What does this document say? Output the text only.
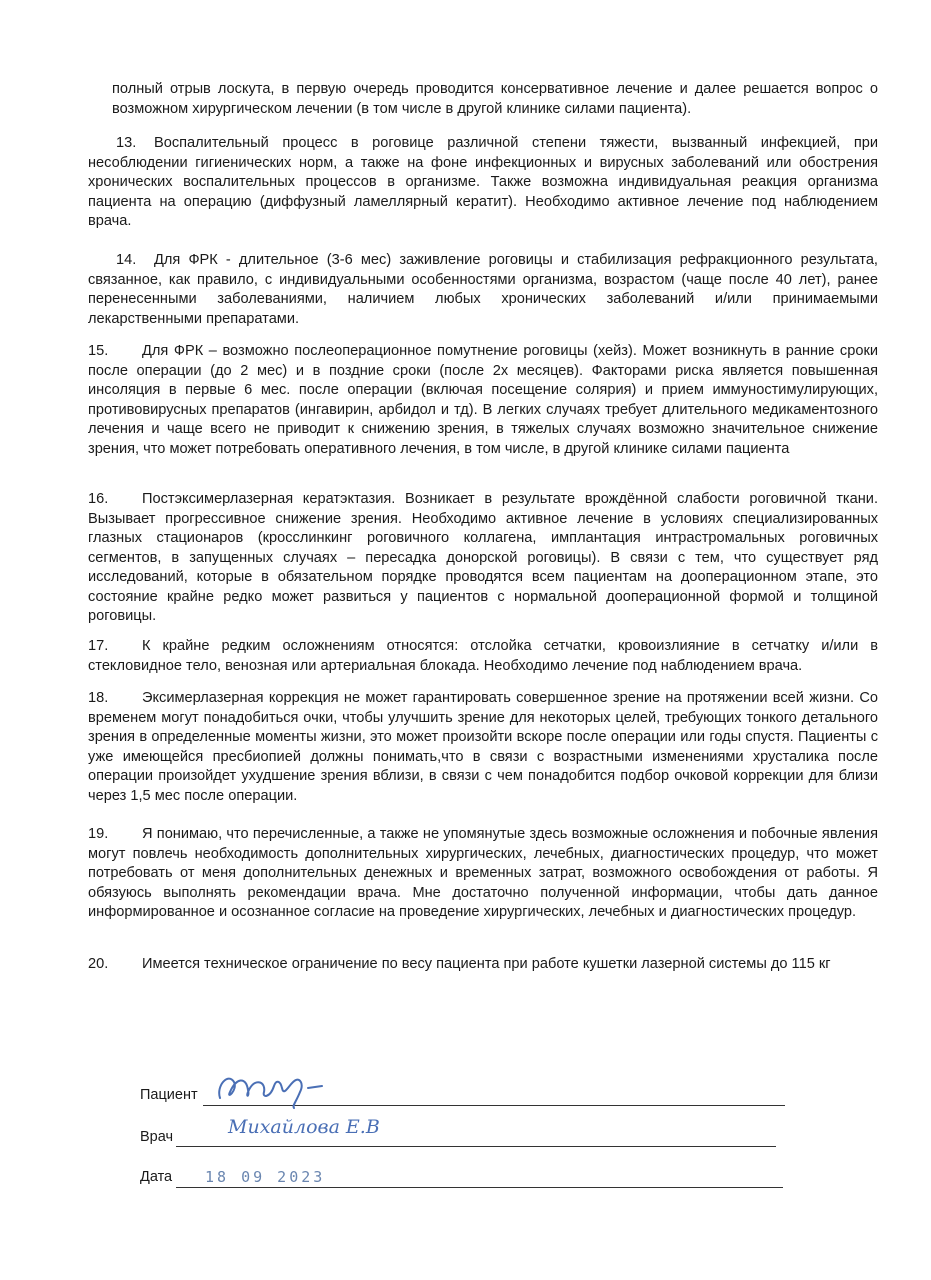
полный отрыв лоскута, в первую очередь проводится консервативное лечение и далее решается вопрос о возможном хирургическом лечении (в том числе в другой клинике силами пациента).

13. Воспалительный процесс в роговице различной степени тяжести, вызванный инфекцией, при несоблюдении гигиенических норм, а также на фоне инфекционных и вирусных заболеваний или обострения хронических воспалительных процессов в организме. Также возможна индивидуальная реакция организма пациента на операцию (диффузный ламеллярный кератит). Необходимо активное лечение под наблюдением врача.

14. Для ФРК - длительное (3-6 мес) заживление роговицы и стабилизация рефракционного результата, связанное, как правило, с индивидуальными особенностями организма, возрастом (чаще после 40 лет), ранее перенесенными заболеваниями, наличием любых хронических заболеваний и/или принимаемыми лекарственными препаратами.

15. Для ФРК – возможно послеоперационное помутнение роговицы (хейз). Может возникнуть в ранние сроки после операции (до 2 мес) и в поздние сроки (после 2х месяцев). Факторами риска является повышенная инсоляция в первые 6 мес. после операции (включая посещение солярия) и прием иммуностимулирующих, противовирусных препаратов (ингавирин, арбидол и тд). В легких случаях требует длительного медикаментозного лечения и чаще всего не приводит к снижению зрения, в тяжелых случаях возможно значительное снижение зрения, что может потребовать оперативного лечения, в том числе, в другой клинике силами пациента

16. Постэксимерлазерная кератэктазия. Возникает в результате врождённой слабости роговичной ткани. Вызывает прогрессивное снижение зрения. Необходимо активное лечение в условиях специализированных глазных стационаров (кросслинкинг роговичного коллагена, имплантация интрастромальных роговичных сегментов, в запущенных случаях – пересадка донорской роговицы). В связи с тем, что существует ряд исследований, которые в обязательном порядке проводятся всем пациентам на дооперационном этапе, это состояние крайне редко может развиться у пациентов с нормальной дооперационной формой и толщиной роговицы.

17. К крайне редким осложнениям относятся: отслойка сетчатки, кровоизлияние в сетчатку и/или в стекловидное тело, венозная или артериальная блокада. Необходимо лечение под наблюдением врача.

18. Эксимерлазерная коррекция не может гарантировать совершенное зрение на протяжении всей жизни. Со временем могут понадобиться очки, чтобы улучшить зрение для некоторых целей, требующих тонкого детального зрения в определенные моменты жизни, это может произойти вскоре после операции или годы спустя. Пациенты с уже имеющейся пресбиопией должны понимать,что в связи с возрастными изменениями хрусталика после операции произойдет ухудшение зрения вблизи, в связи с чем понадобится подбор очковой коррекции для близи через 1,5 мес после операции.

19. Я понимаю, что перечисленные, а также не упомянутые здесь возможные осложнения и побочные явления могут повлечь необходимость дополнительных хирургических, лечебных, диагностических процедур, что может потребовать от меня дополнительных денежных и временных затрат, возможного освобождения от работы. Я обязуюсь выполнять рекомендации врача. Мне достаточно полученной информации, чтобы дать данное информированное и осознанное согласие на проведение хирургических, лечебных и диагностических процедур.

20. Имеется техническое ограничение по весу пациента при работе кушетки лазерной системы до 115 кг

Пациент
Врач	Михайлова Е.В
Дата 18 09 2023
